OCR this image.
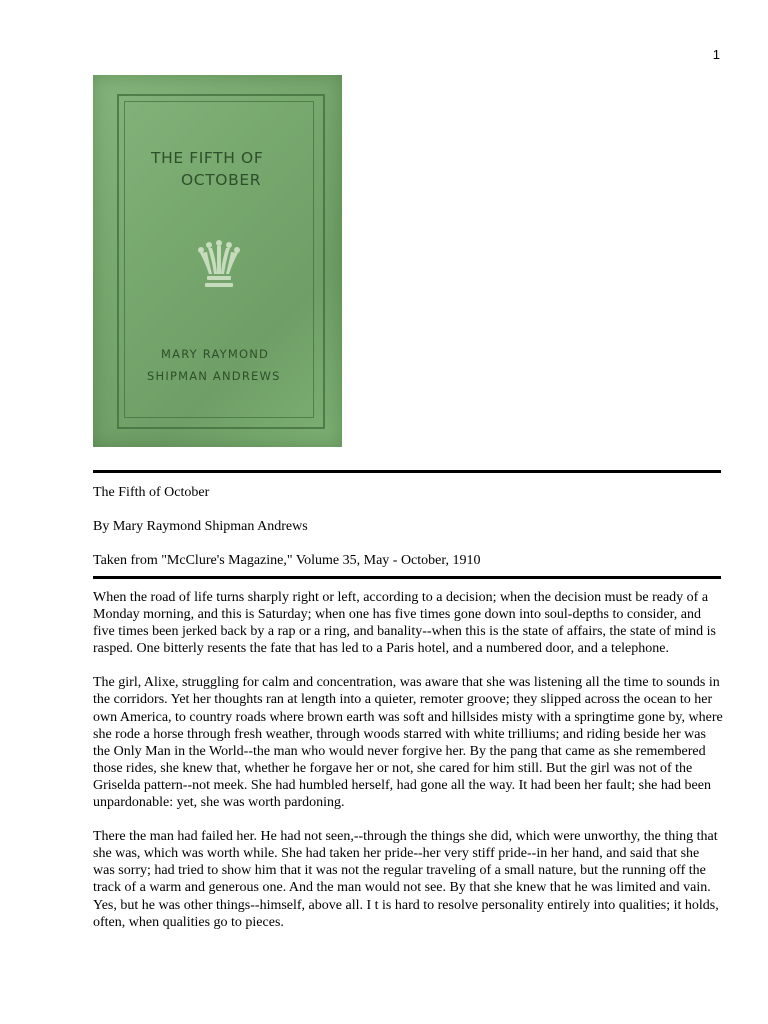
1
THE FIFTH OF
OCTOBER
MARY RAYMOND
SHIPMAN ANDREWS
The Fifth of October
By Mary Raymond Shipman Andrews
Taken from "McClure's Magazine," Volume 35, May - October, 1910

When the road of life turns sharply right or left, according to a decision; when the decision must be ready of a Monday morning, and this is Saturday; when one has five times gone down into soul-depths to consider, and five times been jerked back by a rap or a ring, and banality--when this is the state of affairs, the state of mind is rasped. One bitterly resents the fate that has led to a Paris hotel, and a numbered door, and a telephone.

The girl, Alixe, struggling for calm and concentration, was aware that she was listening all the time to sounds in the corridors. Yet her thoughts ran at length into a quieter, remoter groove; they slipped across the ocean to her own America, to country roads where brown earth was soft and hillsides misty with a springtime gone by, where she rode a horse through fresh weather, through woods starred with white trilliums; and riding beside her was the Only Man in the World--the man who would never forgive her. By the pang that came as she remembered those rides, she knew that, whether he forgave her or not, she cared for him still. But the girl was not of the Griselda pattern--not meek. She had humbled herself, had gone all the way. It had been her fault; she had been unpardonable: yet, she was worth pardoning.

There the man had failed her. He had not seen,--through the things she did, which were unworthy, the thing that she was, which was worth while. She had taken her pride--her very stiff pride--in her hand, and said that she was sorry; had tried to show him that it was not the regular traveling of a small nature, but the running off the track of a warm and generous one. And the man would not see. By that she knew that he was limited and vain. Yes, but he was other things--himself, above all. I t is hard to resolve personality entirely into qualities; it holds, often, when qualities go to pieces.
